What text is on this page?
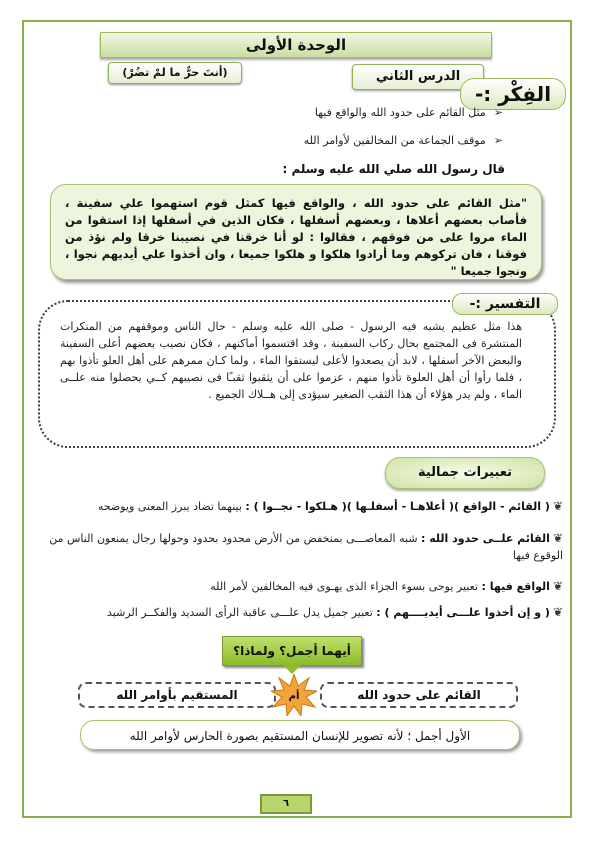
الوحدة الأولى
الدرس الثاني
(أنتَ حرٌّ ما لمْ تضُرْ)
الفِكْر :-
➢مثل القائم على حدود الله والواقع فيها
➢موقف الجماعة من المخالفين لأوامر الله
قال رسول الله صلي الله عليه وسلم :
"مثل القائم على حدود الله ، والواقع فيها كمثل قوم استهموا علي سفينة ، فأصاب بعضهم أعلاها ، وبعضهم أسفلها ، فكان الذين في أسفلها إذا استقوا من الماء مروا على من فوقهم ، فقالوا : لو أنا خرقنا في نصيبنا خرقا ولم نؤذ من فوقنا ، فان تركوهم وما أرادوا هلكوا و هلكوا جميعا ، وان أخذوا علي أيديهم نجوا ، ونجوا جميعا "
التفسير :-
هذا مثل عظيم يشبه فيه الرسول - صلى الله عليه وسلم - حال الناس وموقفهم من المنكرات المنتشرة فى المجتمع بحال ركاب السفينة ، وقد اقتسموا أماكنهم ، فكان نصيب بعضهم أعلى السفينة والبعض الآخر أسفلها ، لابد أن يصعدوا لأعلى ليستقوا الماء ، ولما كـان ممرهم على أهل العلو تأذوا بهم ، فلما رأوا أن أهل العلوة تأذوا منهم ، عزموا على أن يثقبوا ثقبـًا فى نصيبهم كــي يحصلوا منه علــى الماء ، ولم يدر هؤلاء أن هذا الثقب الصغير سيؤدى إلى هــلاك الجميع .
تعبيرات جمالية
❦( القائم - الواقع )( أعلاهـا - أسفلـها )( هـلكوا - نجــوا ) : بينهما تضاد يبرز المعنى ويوضحه
❦القائم علــى حدود الله : شبه المعاصـــى بمنخفض من الأرض محدود بحدود وحولها رجال يمنعون الناس من الوقوع فيها
❦الواقع فيها : تعبير يوحى بسوء الجزاء الذى يهـوى فيه المخالفين لأمر الله
❦( و إن أخذوا علـــى أيديــــهم ) : تعبير جميل يدل علـــى عاقبة الرأى السديد والفكــر الرشيد
أيهما أجمل؟ ولماذا؟
القائم على حدود الله
المستقيم بأوامر الله	أم
الأول أجمل ؛ لأنه تصوير للإنسان المستقيم بصورة الحارس لأوامر الله
٦
